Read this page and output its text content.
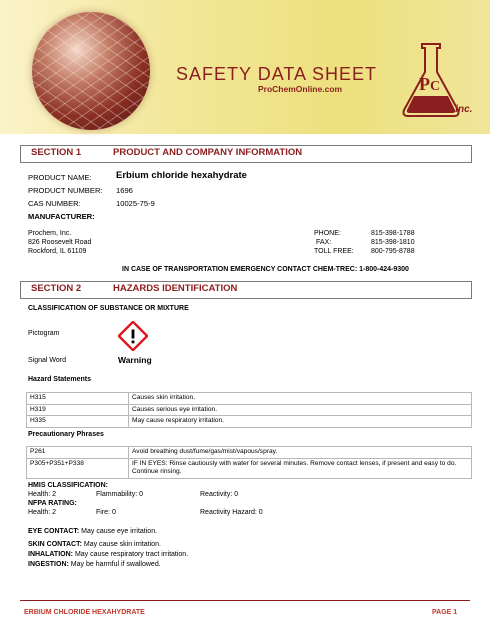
SAFETY DATA SHEET
ProChemOnline.com	P C
ProChem inc.
SECTION 1	PRODUCT AND COMPANY INFORMATION
PRODUCT NAME:	Erbium chloride hexahydrate
PRODUCT NUMBER: 1696
CAS NUMBER:	10025-75-9
MANUFACTURER:
Prochem, Inc.
826 Roosevelt Road
Rockford, IL 61109
PHONE:	815-398-1788
FAX:	815-398-1810
TOLL FREE: 800-795-8788
IN CASE OF TRANSPORTATION EMERGENCY CONTACT CHEM-TREC: 1-800-424-9300
SECTION 2	HAZARDS IDENTIFICATION
CLASSIFICATION OF SUBSTANCE OR MIXTURE
Pictogram
Signal Word	Warning
Hazard Statements
H315	Causes skin irritation.
H319	Causes serious eye irritation.
H335	May cause respiratory irritation.
Precautionary Phrases
P261	Avoid breathing dust/fume/gas/mist/vapous/spray.
P305+P351+P338	IF IN EYES: Rinse cautiously with water for several minutes. Remove contact lenses, if present and easy to do. Continue rinsing.
HMIS CLASSIFICATION:
Health: 2	Flammability: 0	Reactivity: 0
NFPA RATING:
Health: 2	Fire: 0	Reactivity Hazard: 0
EYE CONTACT: May cause eye irritation.
SKIN CONTACT: May cause skin irritation.
INHALATION: May cause respiratory tract irritation.
INGESTION: May be harmful if swallowed.
ERBIUM CHLORIDE HEXAHYDRATE	PAGE 1
